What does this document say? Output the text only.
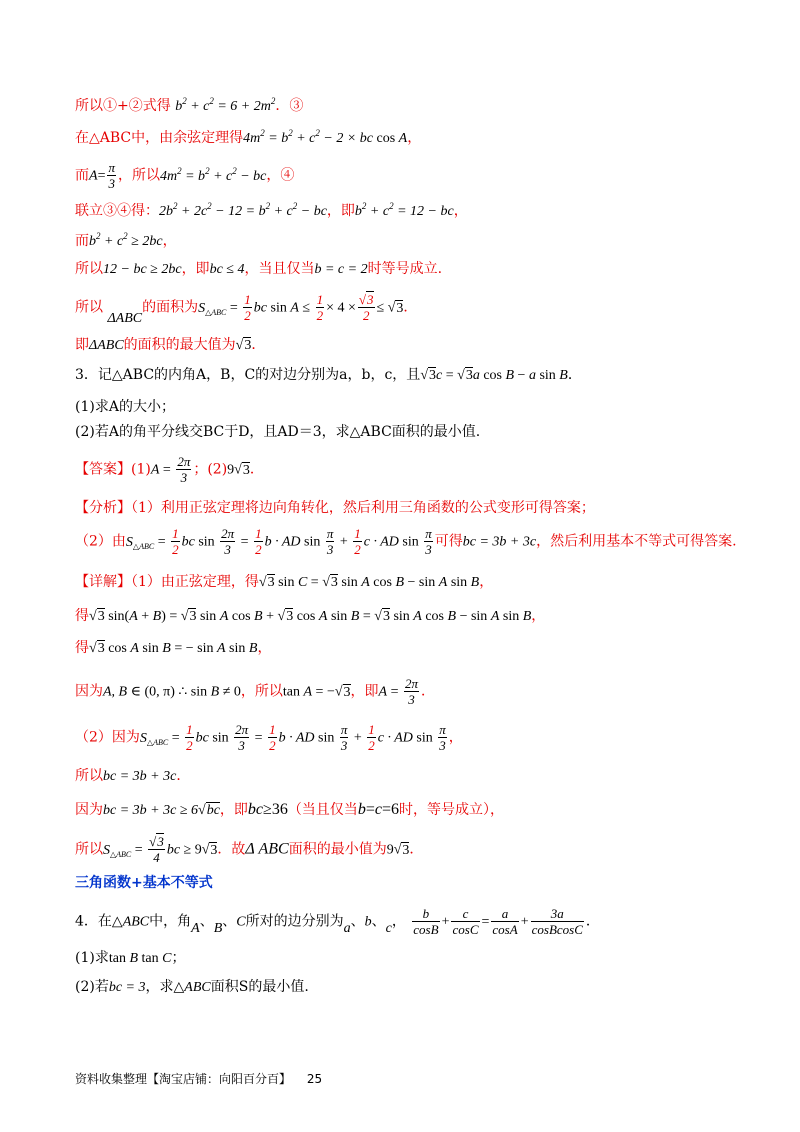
所以①+②式得 $b^2 + c^2 = 6 + 2m^2$．③
在△ABC中，由余弦定理得$4m^2 = b^2 + c^2 - 2$ × bc cos A，
而$A= \frac{\pi}{3}$ ，所以$4m^2 = b^2 + c^2$ − bc，④
联立③④得：$2b^2 + 2c^2 - 12 = b^2 + c^2$ − bc，即$b^2 + c^2 = 12$ − bc，
而$b^2 + c^2 \ge 2bc$，
所以12 − bc ≥ 2bc，即bc ≤ 4，当且仅当b = c = 2时等号成立.
所以 ΔABC的面积为$S_{\triangle ABC} = \frac{1}{2}$ bc $\sin A \le \frac{1}{2} \times 4 \times \frac{√3}{2} \le √3$．
即ΔABC的面积的最大值为√3．
3．记△ABC的内角A，B，C的对边分别为a，b，c，且√3c = √3a cos B − a sin B．
(1)求A的大小；
(2)若A的角平分线交BC于D，且AD＝3，求△ABC面积的最小值.
【答案】$(1)A = \frac{2\pi}{3}$ ；(2)9√3．
【分析】（1）利用正弦定理将边向角转化，然后利用三角函数的公式变形可得答案；
（2）由$S_{\triangle ABC} = \frac{1}{2}$ bc $\sin \frac{2\pi}{3} = \frac{1}{2}$ b · AD $\sin \frac{\pi}{3} + \frac{1}{2}$ c · AD $\sin \frac{\pi}{3}$ 可得bc = 3b + 3c，然后利用基本不等式可得答案.
【详解】（1）由正弦定理，得√3 sin C = √3 sin A cos B − sin A sin B，
得√3 sin(A + B) = √3 sin A cos B + √3 cos A sin B = √3 sin A cos B − sin A sin B，
得√3 cos A sin B = − sin A sin B，
因为A, B ∈ (0, π) ∴ sin B ≠ 0，所以tan A = −√3，即$A = \frac{2\pi}{3}$ ．
（2）因为$S_{\triangle ABC} = \frac{1}{2}$ bc $\sin \frac{2\pi}{3} = \frac{1}{2}$ b · AD $\sin \frac{\pi}{3} + \frac{1}{2}$ c · AD $\sin \frac{\pi}{3}$ ，
所以bc = 3b + 3c．
因为bc = 3b + 3c ≥ 6√bc，即bc≥36（当且仅当b=c=6时，等号成立），
所以$S_{\triangle ABC} = \frac{√3}{4}$ bc ≥ 9√3．故Δ ABC面积的最小值为9√3．
三角函数+基本不等式
4．在△ABC中，角A、B、C所对的边分别为a、b、c， $\frac{b}{\cos B} + \frac{c}{\cos C} = \frac{a}{\cos A} + \frac{3a}{\text{cosBcosC}}$ ．
(1)求tan B tan C；
(2)若bc = 3，求△ABC面积S的最小值.
资料收集整理【淘宝店铺：向阳百分百】 25
